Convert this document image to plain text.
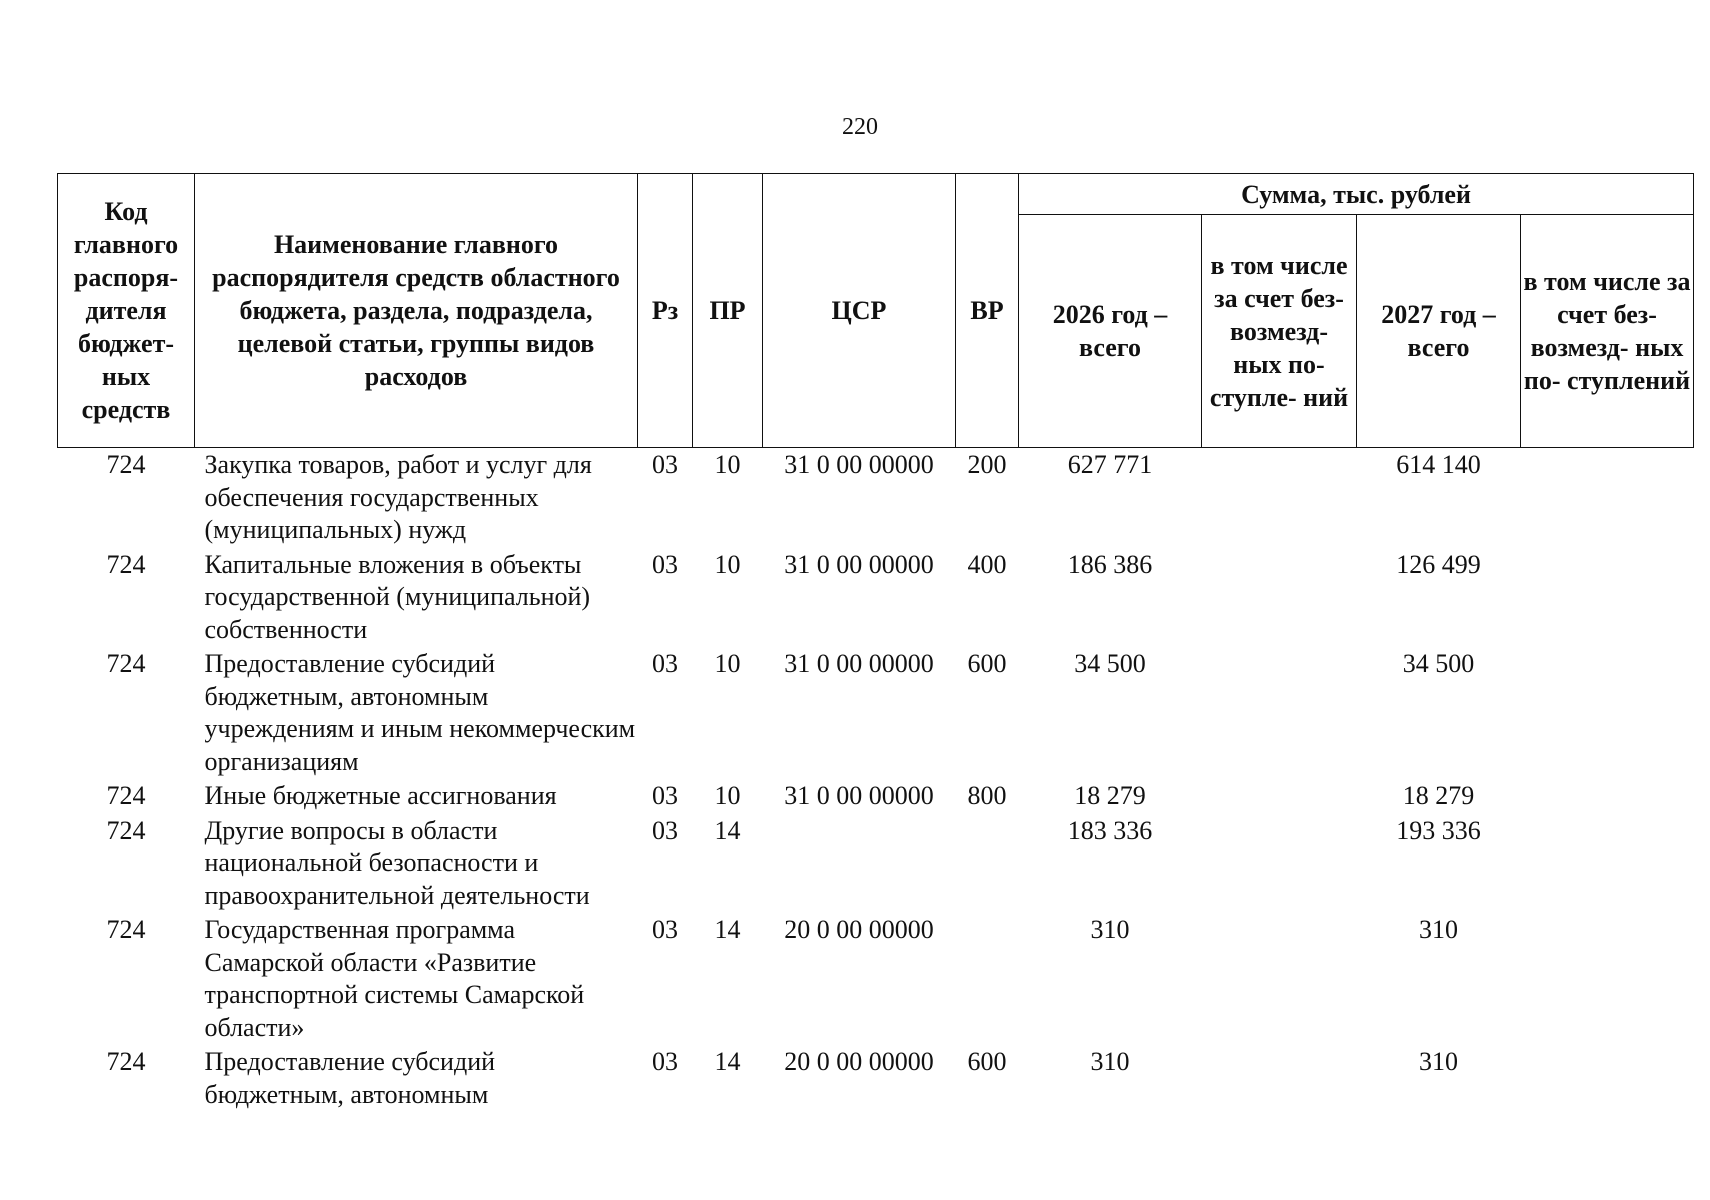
220
Код главного распоря- дителя бюджет- ных средств	Наименование главного распорядителя средств областного бюджета, раздела, подраздела, целевой статьи, группы видов расходов	Рз	ПР	ЦСР	ВР	Сумма, тыс. рублей			
						2026 год – всего	в том числе за счет без- возмезд- ных по- ступле- ний	2027 год – всего	в том числе за счет без- возмезд- ных по- ступлений
724	Закупка товаров, работ и услуг для обеспечения государственных (муниципальных) нужд	03	10	31 0 00 00000	200	627 771		614 140	
724	Капитальные вложения в объекты государственной (муниципальной) собственности	03	10	31 0 00 00000	400	186 386		126 499	
724	Предоставление субсидий бюджетным, автономным учреждениям и иным некоммерческим организациям	03	10	31 0 00 00000	600	34 500		34 500	
724	Иные бюджетные ассигнования	03	10	31 0 00 00000	800	18 279		18 279	
724	Другие вопросы в области национальной безопасности и правоохранительной деятельности	03	14			183 336		193 336	
724	Государственная программа Самарской области «Развитие транспортной системы Самарской области»	03	14	20 0 00 00000		310		310	
724	Предоставление субсидий бюджетным, автономным	03	14	20 0 00 00000	600	310		310	
